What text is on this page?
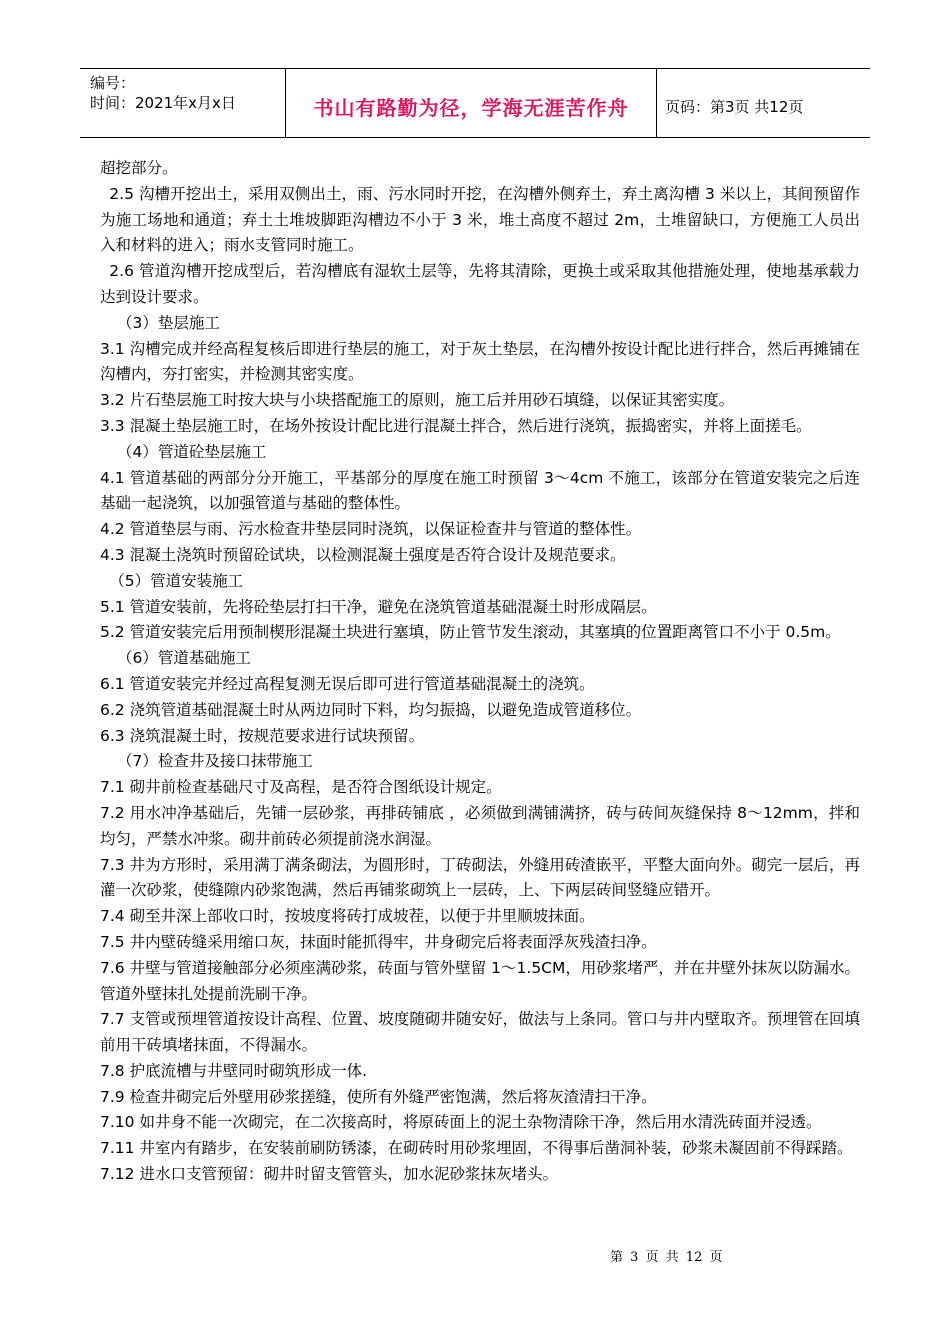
编号：
时间：2021年x月x日	书山有路勤为径，学海无涯苦作舟 页码：第3页 共12页

超挖部分。

2.5 沟槽开挖出土，采用双侧出土，雨、污水同时开挖，在沟槽外侧弃土，弃土离沟槽 3 米以上，其间预留作为施工场地和通道；弃土土堆坡脚距沟槽边不小于 3 米，堆土高度不超过 2m，土堆留缺口，方便施工人员出入和材料的进入；雨水支管同时施工。

2.6 管道沟槽开挖成型后，若沟槽底有湿软土层等，先将其清除，更换土或采取其他措施处理，使地基承载力达到设计要求。

（3）垫层施工

3.1 沟槽完成并经高程复核后即进行垫层的施工，对于灰土垫层，在沟槽外按设计配比进行拌合，然后再摊铺在沟槽内，夯打密实，并检测其密实度。

3.2 片石垫层施工时按大块与小块搭配施工的原则，施工后并用砂石填缝，以保证其密实度。

3.3 混凝土垫层施工时，在场外按设计配比进行混凝土拌合，然后进行浇筑，振捣密实，并将上面搓毛。

（4）管道砼垫层施工

4.1 管道基础的两部分分开施工，平基部分的厚度在施工时预留 3～4cm 不施工，该部分在管道安装完之后连基础一起浇筑，以加强管道与基础的整体性。

4.2 管道垫层与雨、污水检查井垫层同时浇筑，以保证检查井与管道的整体性。

4.3 混凝土浇筑时预留砼试块，以检测混凝土强度是否符合设计及规范要求。

（5）管道安装施工

5.1 管道安装前，先将砼垫层打扫干净，避免在浇筑管道基础混凝土时形成隔层。

5.2 管道安装完后用预制楔形混凝土块进行塞填，防止管节发生滚动，其塞填的位置距离管口不小于 0.5m。

（6）管道基础施工

6.1 管道安装完并经过高程复测无误后即可进行管道基础混凝土的浇筑。

6.2 浇筑管道基础混凝土时从两边同时下料，均匀振捣，以避免造成管道移位。

6.3 浇筑混凝土时，按规范要求进行试块预留。

（7）检查井及接口抹带施工

7.1 砌井前检查基础尺寸及高程，是否符合图纸设计规定。

7.2 用水冲净基础后，先铺一层砂浆，再排砖铺底 ，必须做到满铺满挤，砖与砖间灰缝保持 8～12mm，拌和均匀，严禁水冲浆。砌井前砖必须提前浇水润湿。

7.3 井为方形时，采用满丁满条砌法，为圆形时，丁砖砌法，外缝用砖渣嵌平，平整大面向外。砌完一层后，再灌一次砂浆，使缝隙内砂浆饱满，然后再铺浆砌筑上一层砖，上、下两层砖间竖缝应错开。

7.4 砌至井深上部收口时，按坡度将砖打成坡茬，以便于井里顺坡抹面。

7.5 井内壁砖缝采用缩口灰，抹面时能抓得牢，井身砌完后将表面浮灰残渣扫净。

7.6 井壁与管道接触部分必须座满砂浆，砖面与管外壁留 1～1.5CM，用砂浆堵严，并在井壁外抹灰以防漏水。管道外壁抹扎处提前洗刷干净。

7.7 支管或预埋管道按设计高程、位置、坡度随砌井随安好，做法与上条同。管口与井内壁取齐。预埋管在回填前用干砖填堵抹面，不得漏水。

7.8 护底流槽与井壁同时砌筑形成一体.

7.9 检查井砌完后外壁用砂浆搓缝，使所有外缝严密饱满，然后将灰渣清扫干净。

7.10 如井身不能一次砌完，在二次接高时，将原砖面上的泥土杂物清除干净，然后用水清洗砖面并浸透。

7.11 井室内有踏步，在安装前刷防锈漆，在砌砖时用砂浆埋固，不得事后凿洞补装，砂浆未凝固前不得踩踏。

7.12 进水口支管预留：砌井时留支管管头，加水泥砂浆抹灰堵头。

第 3 页 共 12 页
